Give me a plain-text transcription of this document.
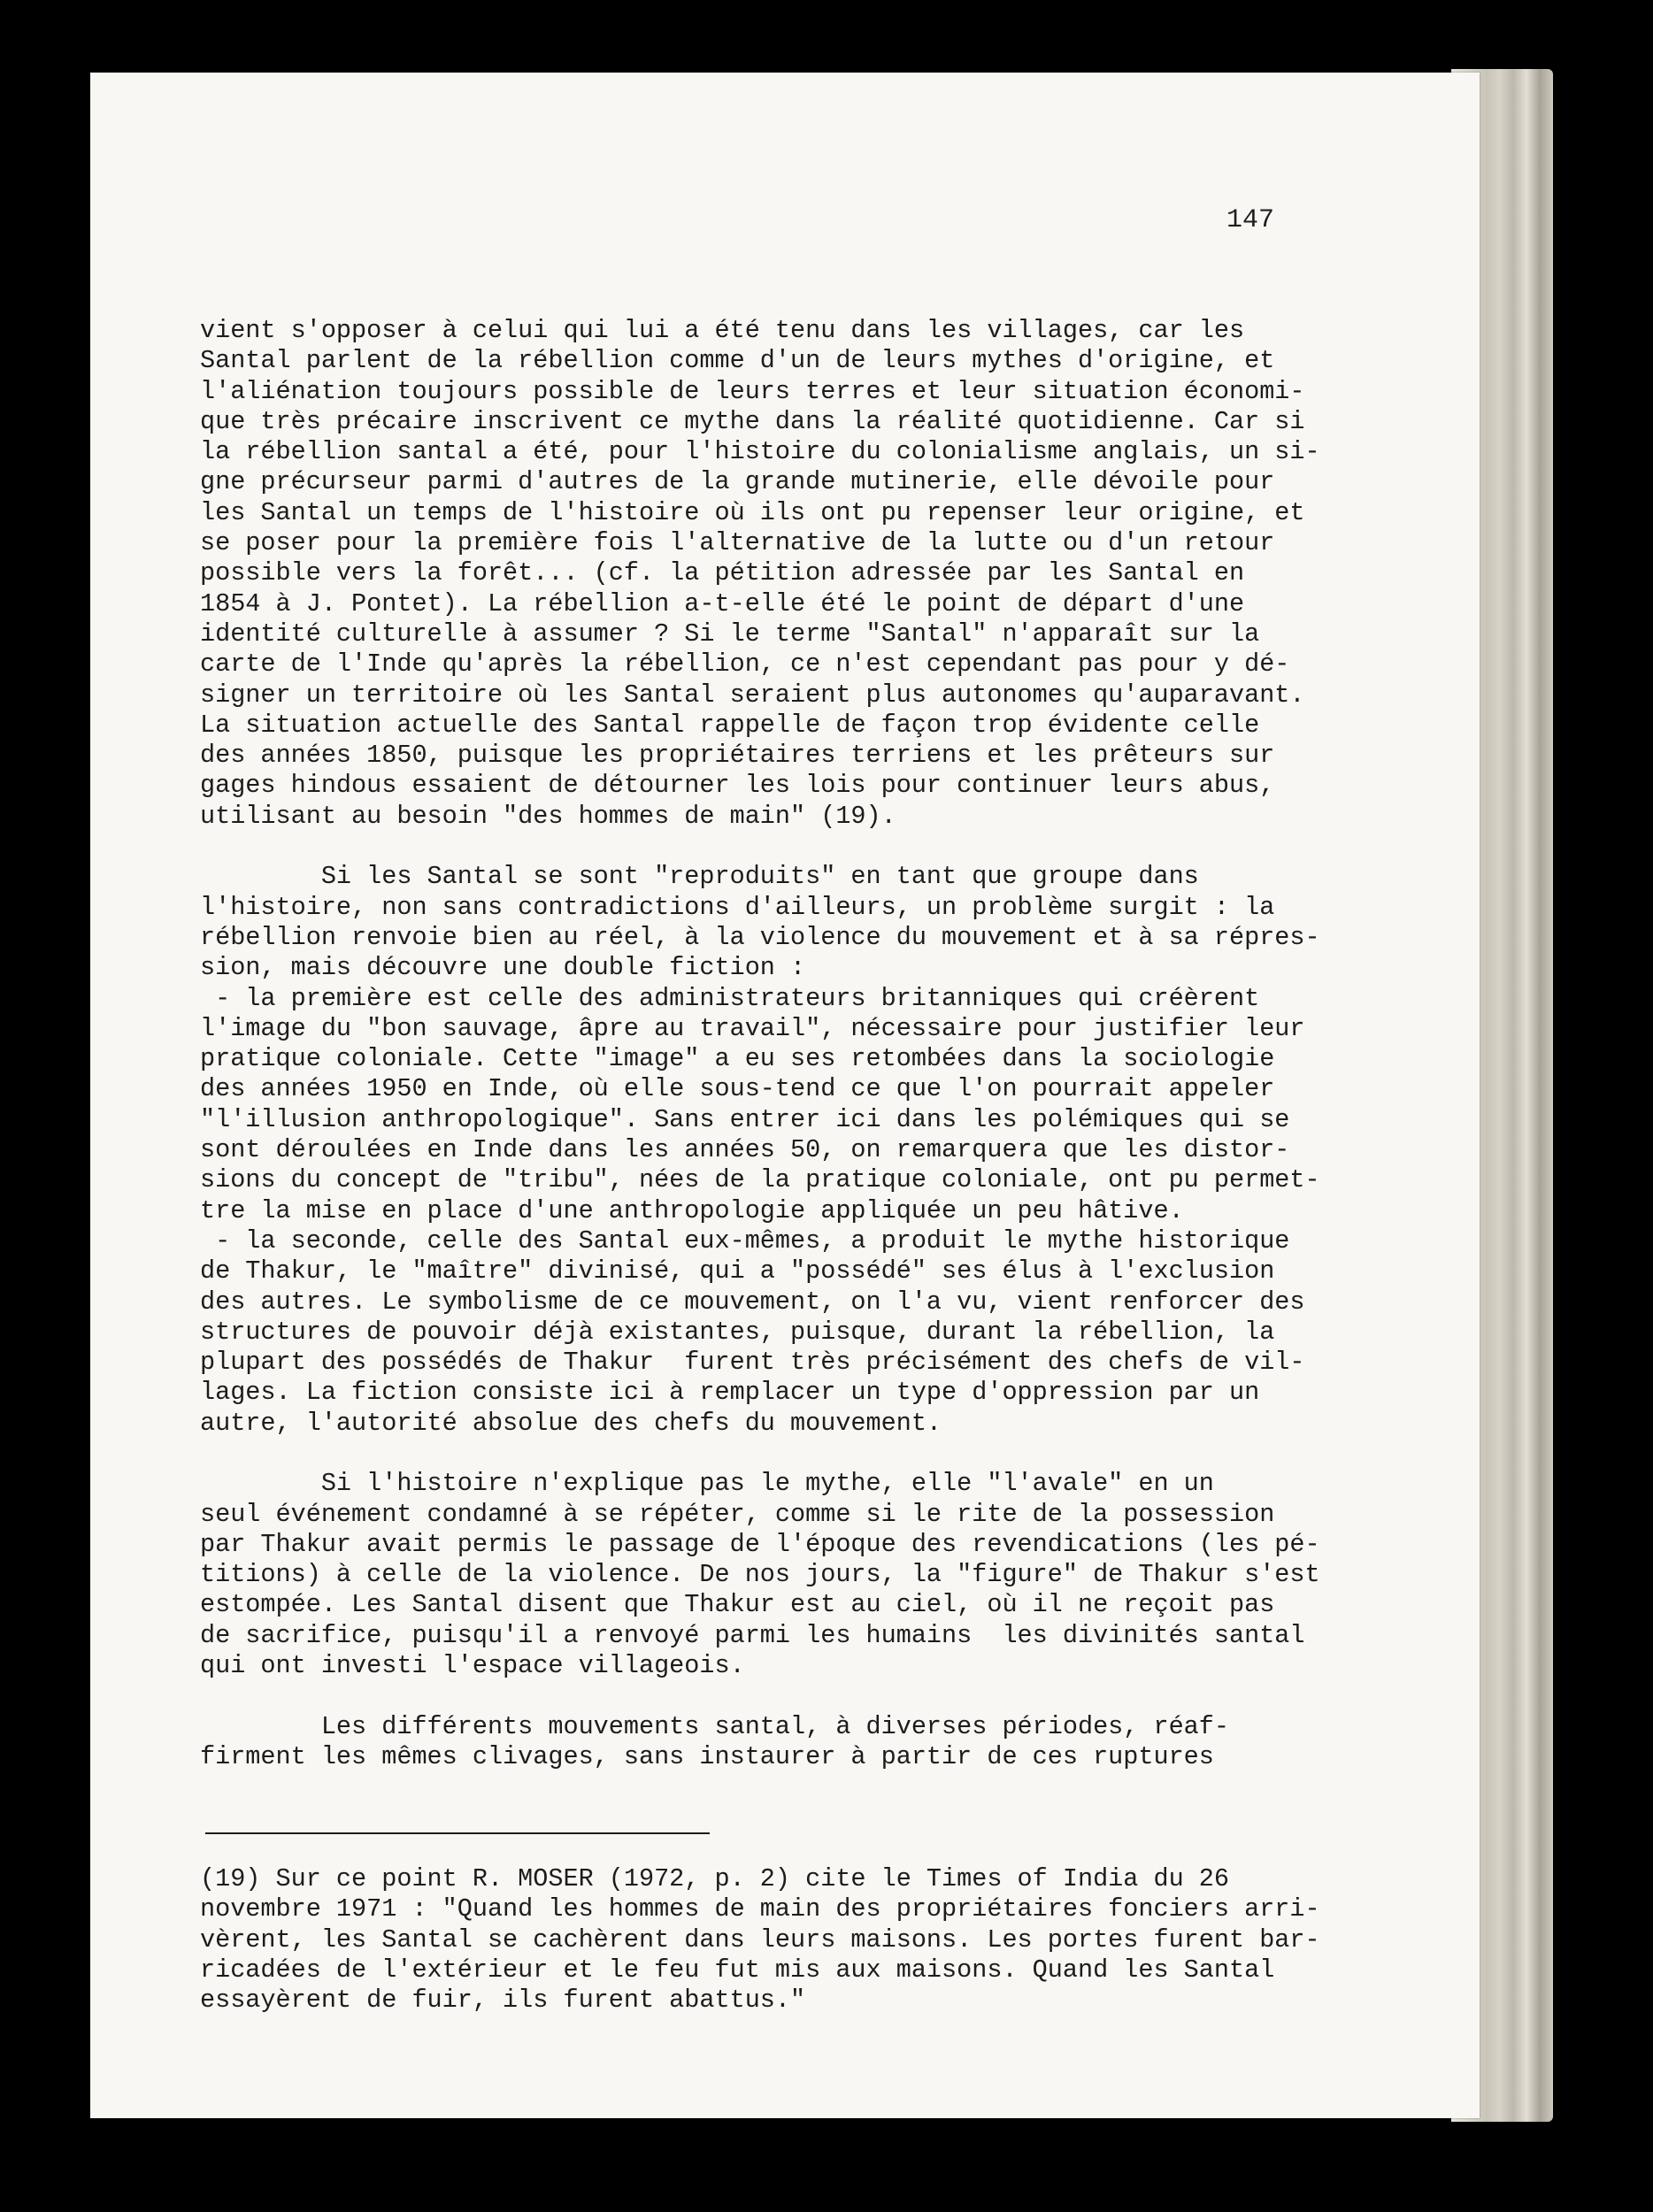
147

vient s'opposer à celui qui lui a été tenu dans les villages, car les
Santal parlent de la rébellion comme d'un de leurs mythes d'origine, et
l'aliénation toujours possible de leurs terres et leur situation économi-
que très précaire inscrivent ce mythe dans la réalité quotidienne. Car si
la rébellion santal a été, pour l'histoire du colonialisme anglais, un si-
gne précurseur parmi d'autres de la grande mutinerie, elle dévoile pour
les Santal un temps de l'histoire où ils ont pu repenser leur origine, et
se poser pour la première fois l'alternative de la lutte ou d'un retour
possible vers la forêt... (cf. la pétition adressée par les Santal en
1854 à J. Pontet). La rébellion a-t-elle été le point de départ d'une
identité culturelle à assumer ? Si le terme "Santal" n'apparaît sur la
carte de l'Inde qu'après la rébellion, ce n'est cependant pas pour y dé-
signer un territoire où les Santal seraient plus autonomes qu'auparavant.
La situation actuelle des Santal rappelle de façon trop évidente celle
des années 1850, puisque les propriétaires terriens et les prêteurs sur
gages hindous essaient de détourner les lois pour continuer leurs abus,
utilisant au besoin "des hommes de main" (19).

Si les Santal se sont "reproduits" en tant que groupe dans
l'histoire, non sans contradictions d'ailleurs, un problème surgit : la
rébellion renvoie bien au réel, à la violence du mouvement et à sa répres-
sion, mais découvre une double fiction :
- la première est celle des administrateurs britanniques qui créèrent
l'image du "bon sauvage, âpre au travail", nécessaire pour justifier leur
pratique coloniale. Cette "image" a eu ses retombées dans la sociologie
des années 1950 en Inde, où elle sous-tend ce que l'on pourrait appeler
"l'illusion anthropologique". Sans entrer ici dans les polémiques qui se
sont déroulées en Inde dans les années 50, on remarquera que les distor-
sions du concept de "tribu", nées de la pratique coloniale, ont pu permet-
tre la mise en place d'une anthropologie appliquée un peu hâtive.
- la seconde, celle des Santal eux-mêmes, a produit le mythe historique
de Thakur, le "maître" divinisé, qui a "possédé" ses élus à l'exclusion
des autres. Le symbolisme de ce mouvement, on l'a vu, vient renforcer des
structures de pouvoir déjà existantes, puisque, durant la rébellion, la
plupart des possédés de Thakur  furent très précisément des chefs de vil-
lages. La fiction consiste ici à remplacer un type d'oppression par un
autre, l'autorité absolue des chefs du mouvement.

Si l'histoire n'explique pas le mythe, elle "l'avale" en un
seul événement condamné à se répéter, comme si le rite de la possession
par Thakur avait permis le passage de l'époque des revendications (les pé-
titions) à celle de la violence. De nos jours, la "figure" de Thakur s'est
estompée. Les Santal disent que Thakur est au ciel, où il ne reçoit pas
de sacrifice, puisqu'il a renvoyé parmi les humains  les divinités santal
qui ont investi l'espace villageois.

Les différents mouvements santal, à diverses périodes, réaf-
firment les mêmes clivages, sans instaurer à partir de ces ruptures

(19) Sur ce point R. MOSER (1972, p. 2) cite le Times of India du 26
novembre 1971 : "Quand les hommes de main des propriétaires fonciers arri-
vèrent, les Santal se cachèrent dans leurs maisons. Les portes furent bar-
ricadées de l'extérieur et le feu fut mis aux maisons. Quand les Santal
essayèrent de fuir, ils furent abattus."
